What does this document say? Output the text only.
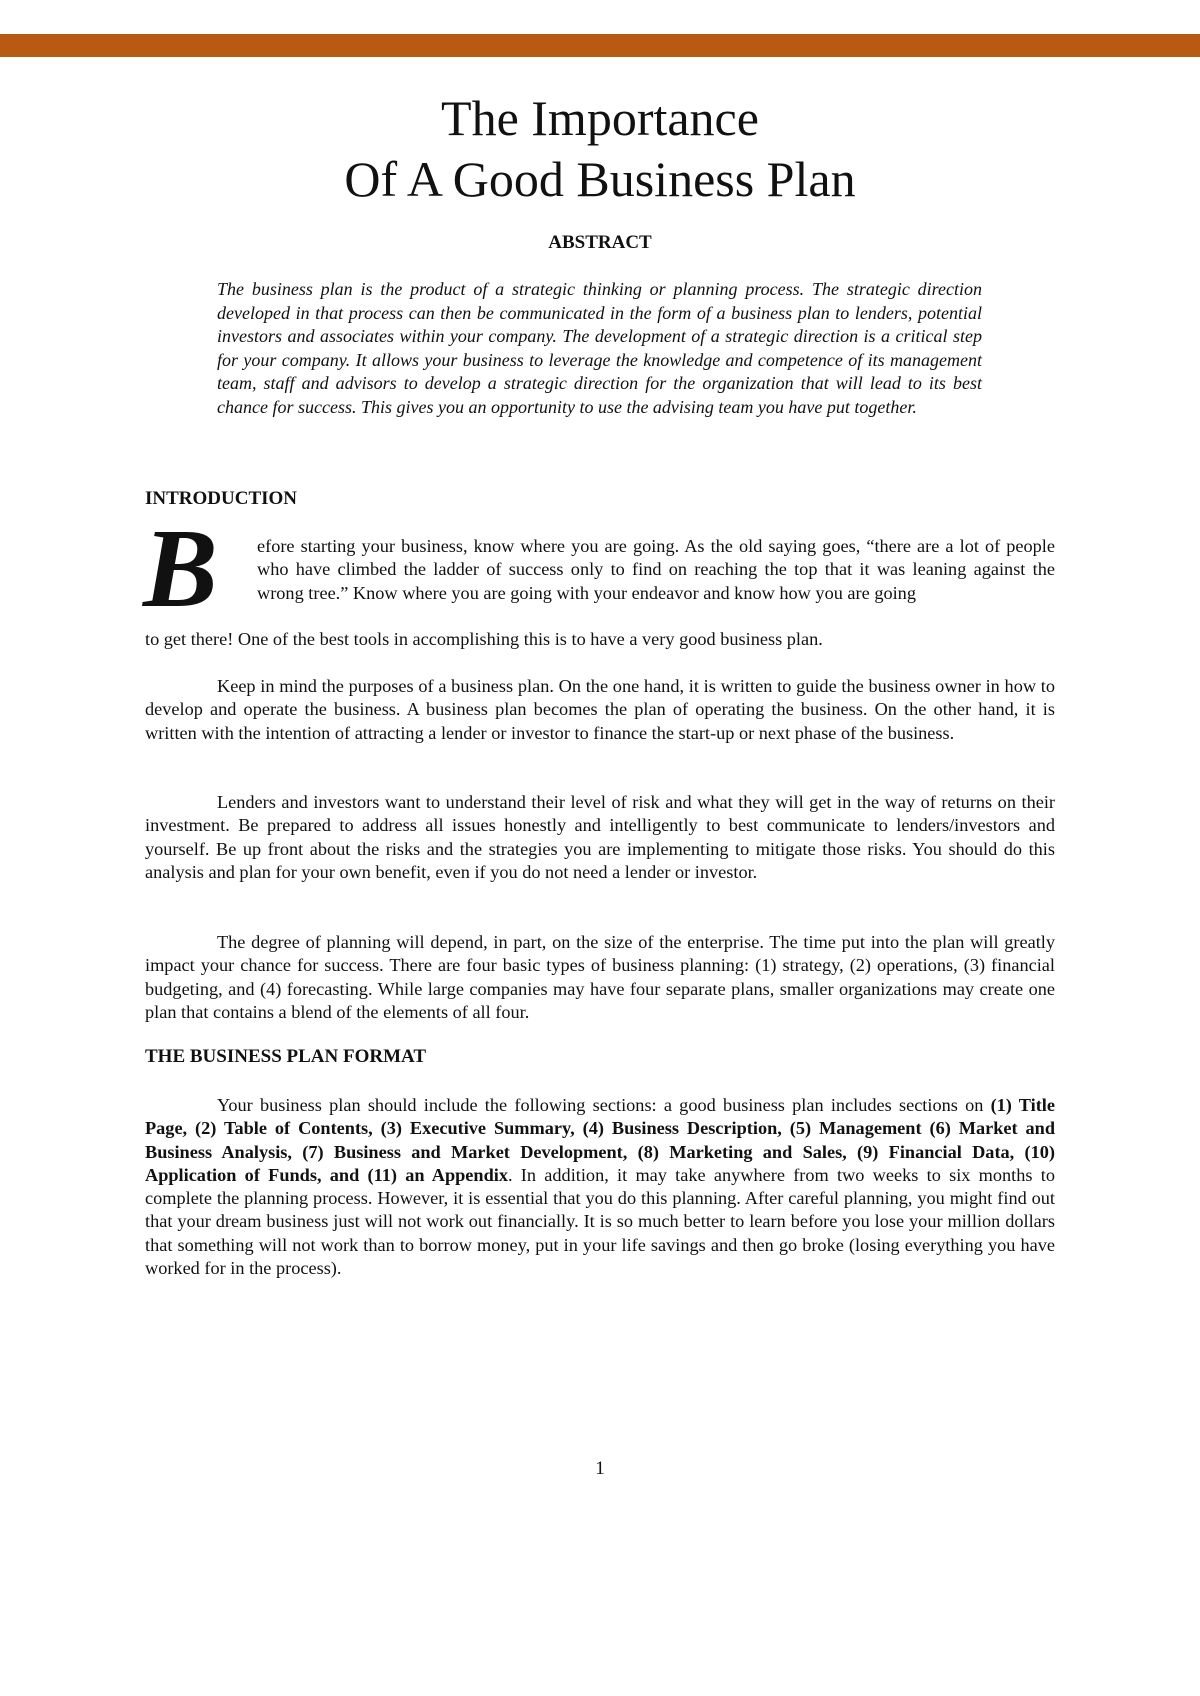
The Importance
Of A Good Business Plan
ABSTRACT

The business plan is the product of a strategic thinking or planning process. The strategic direction developed in that process can then be communicated in the form of a business plan to lenders, potential investors and associates within your company. The development of a strategic direction is a critical step for your company. It allows your business to leverage the knowledge and competence of its management team, staff and advisors to develop a strategic direction for the organization that will lead to its best chance for success. This gives you an opportunity to use the advising team you have put together.

INTRODUCTION
B efore starting your business, know where you are going. As the old saying goes, “there are a lot of people who have climbed the ladder of success only to find on reaching the top that it was leaning against the wrong tree.” Know where you are going with your endeavor and know how you are going

to get there! One of the best tools in accomplishing this is to have a very good business plan.

Keep in mind the purposes of a business plan. On the one hand, it is written to guide the business owner in how to develop and operate the business. A business plan becomes the plan of operating the business. On the other hand, it is written with the intention of attracting a lender or investor to finance the start-up or next phase of the business.

Lenders and investors want to understand their level of risk and what they will get in the way of returns on their investment. Be prepared to address all issues honestly and intelligently to best communicate to lenders/investors and yourself. Be up front about the risks and the strategies you are implementing to mitigate those risks. You should do this analysis and plan for your own benefit, even if you do not need a lender or investor.

The degree of planning will depend, in part, on the size of the enterprise. The time put into the plan will greatly impact your chance for success. There are four basic types of business planning: (1) strategy, (2) operations, (3) financial budgeting, and (4) forecasting. While large companies may have four separate plans, smaller organizations may create one plan that contains a blend of the elements of all four.

THE BUSINESS PLAN FORMAT

Your business plan should include the following sections: a good business plan includes sections on (1) Title Page, (2) Table of Contents, (3) Executive Summary, (4) Business Description, (5) Management (6) Market and Business Analysis, (7) Business and Market Development, (8) Marketing and Sales, (9) Financial Data, (10) Application of Funds, and (11) an Appendix. In addition, it may take anywhere from two weeks to six months to complete the planning process. However, it is essential that you do this planning. After careful planning, you might find out that your dream business just will not work out financially. It is so much better to learn before you lose your million dollars that something will not work than to borrow money, put in your life savings and then go broke (losing everything you have worked for in the process).

1
